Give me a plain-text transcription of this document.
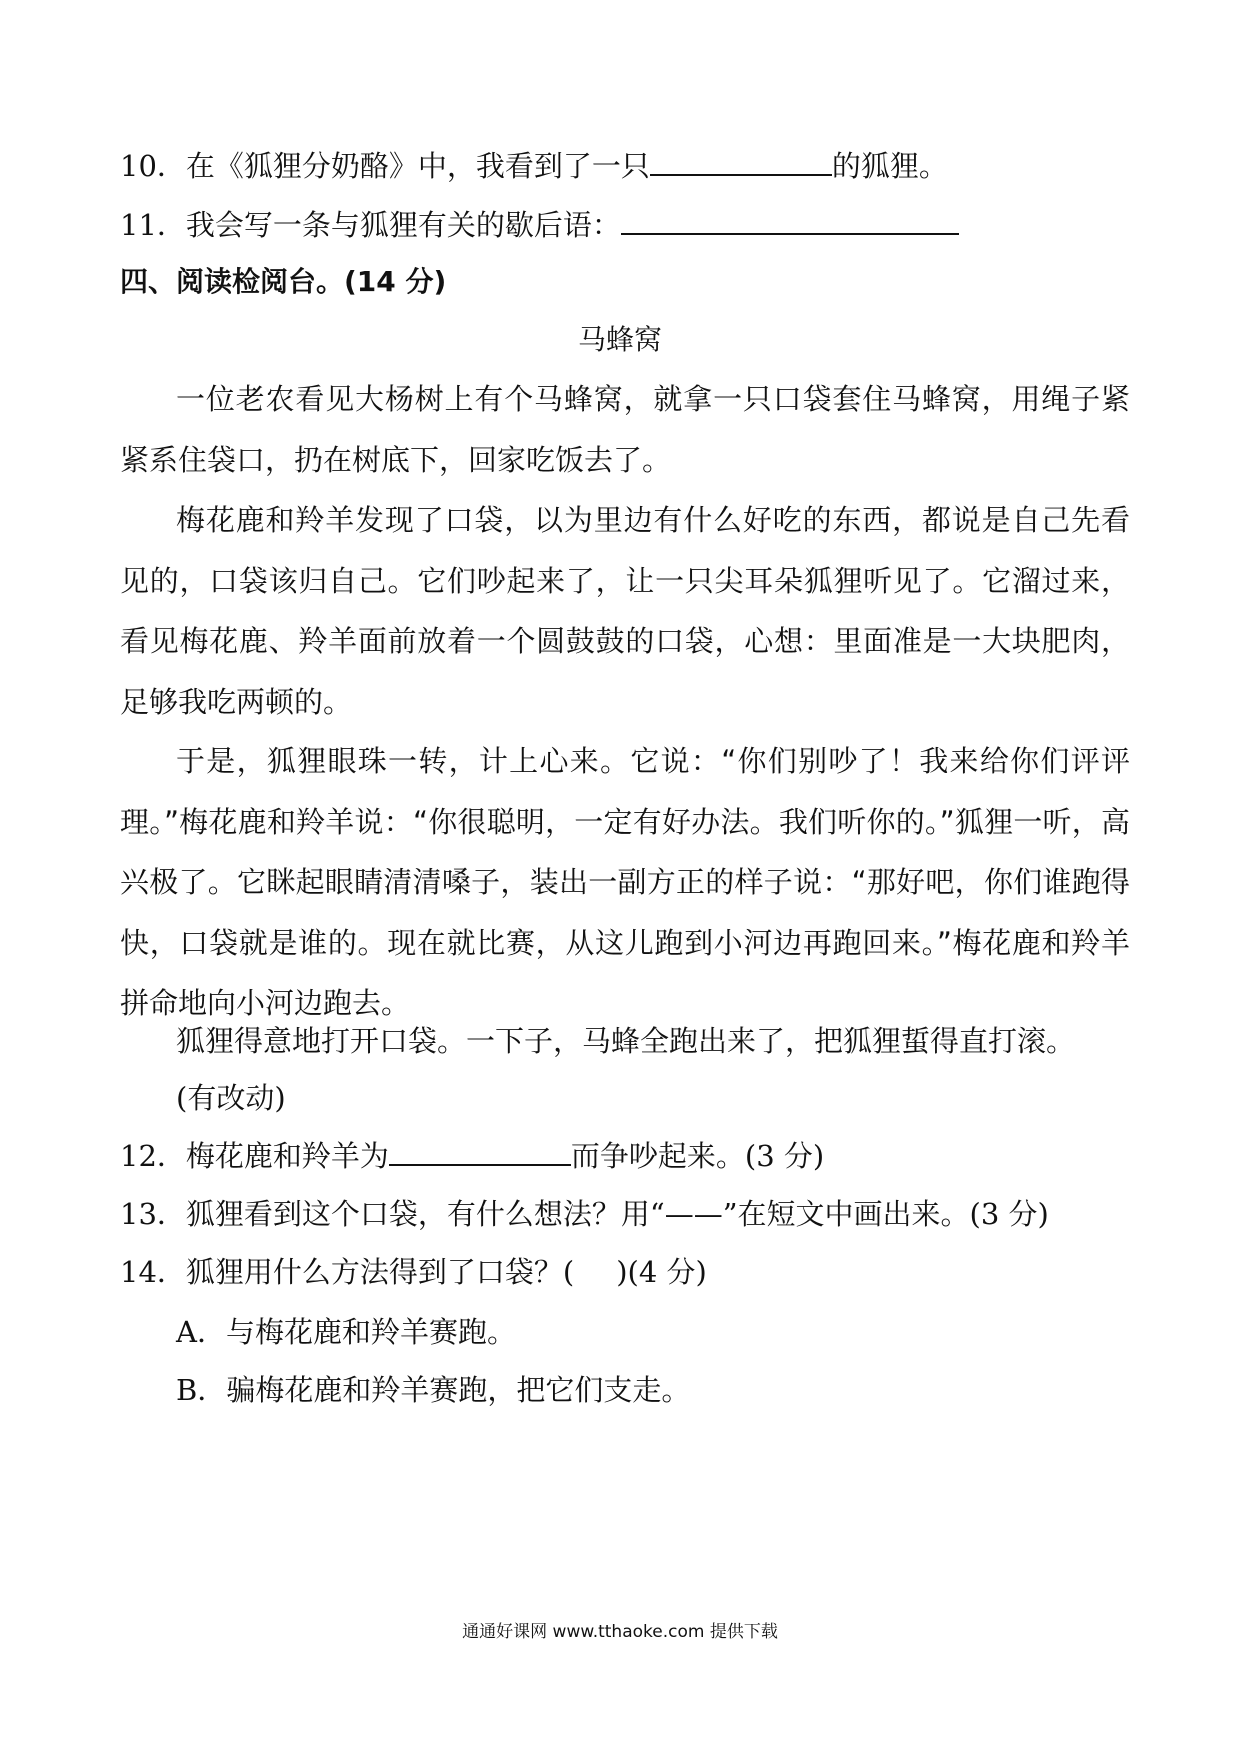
10．在《狐狸分奶酪》中，我看到了一只	的狐狸。
11．我会写一条与狐狸有关的歇后语：
四、阅读检阅台。(14 分)
马蜂窝

一位老农看见大杨树上有个马蜂窝，就拿一只口袋套住马蜂窝，用绳子紧紧系住袋口，扔在树底下，回家吃饭去了。

梅花鹿和羚羊发现了口袋，以为里边有什么好吃的东西，都说是自己先看见的，口袋该归自己。它们吵起来了，让一只尖耳朵狐狸听见了。它溜过来，看见梅花鹿、羚羊面前放着一个圆鼓鼓的口袋，心想：里面准是一大块肥肉，足够我吃两顿的。

于是，狐狸眼珠一转，计上心来。它说：“你们别吵了！我来给你们评评理。”梅花鹿和羚羊说：“你很聪明，一定有好办法。我们听你的。”狐狸一听，高兴极了。它眯起眼睛清清嗓子，装出一副方正的样子说：“那好吧，你们谁跑得快，口袋就是谁的。现在就比赛，从这儿跑到小河边再跑回来。”梅花鹿和羚羊拼命地向小河边跑去。

狐狸得意地打开口袋。一下子，马蜂全跑出来了，把狐狸蜇得直打滚。

(有改动)
12．梅花鹿和羚羊为	而争吵起来。(3 分)
13．狐狸看到这个口袋，有什么想法？用“——”在短文中画出来。(3 分)
14．狐狸用什么方法得到了口袋？( )(4 分)
A．与梅花鹿和羚羊赛跑。
B．骗梅花鹿和羚羊赛跑，把它们支走。
通通好课网 www.tthaoke.com 提供下载
